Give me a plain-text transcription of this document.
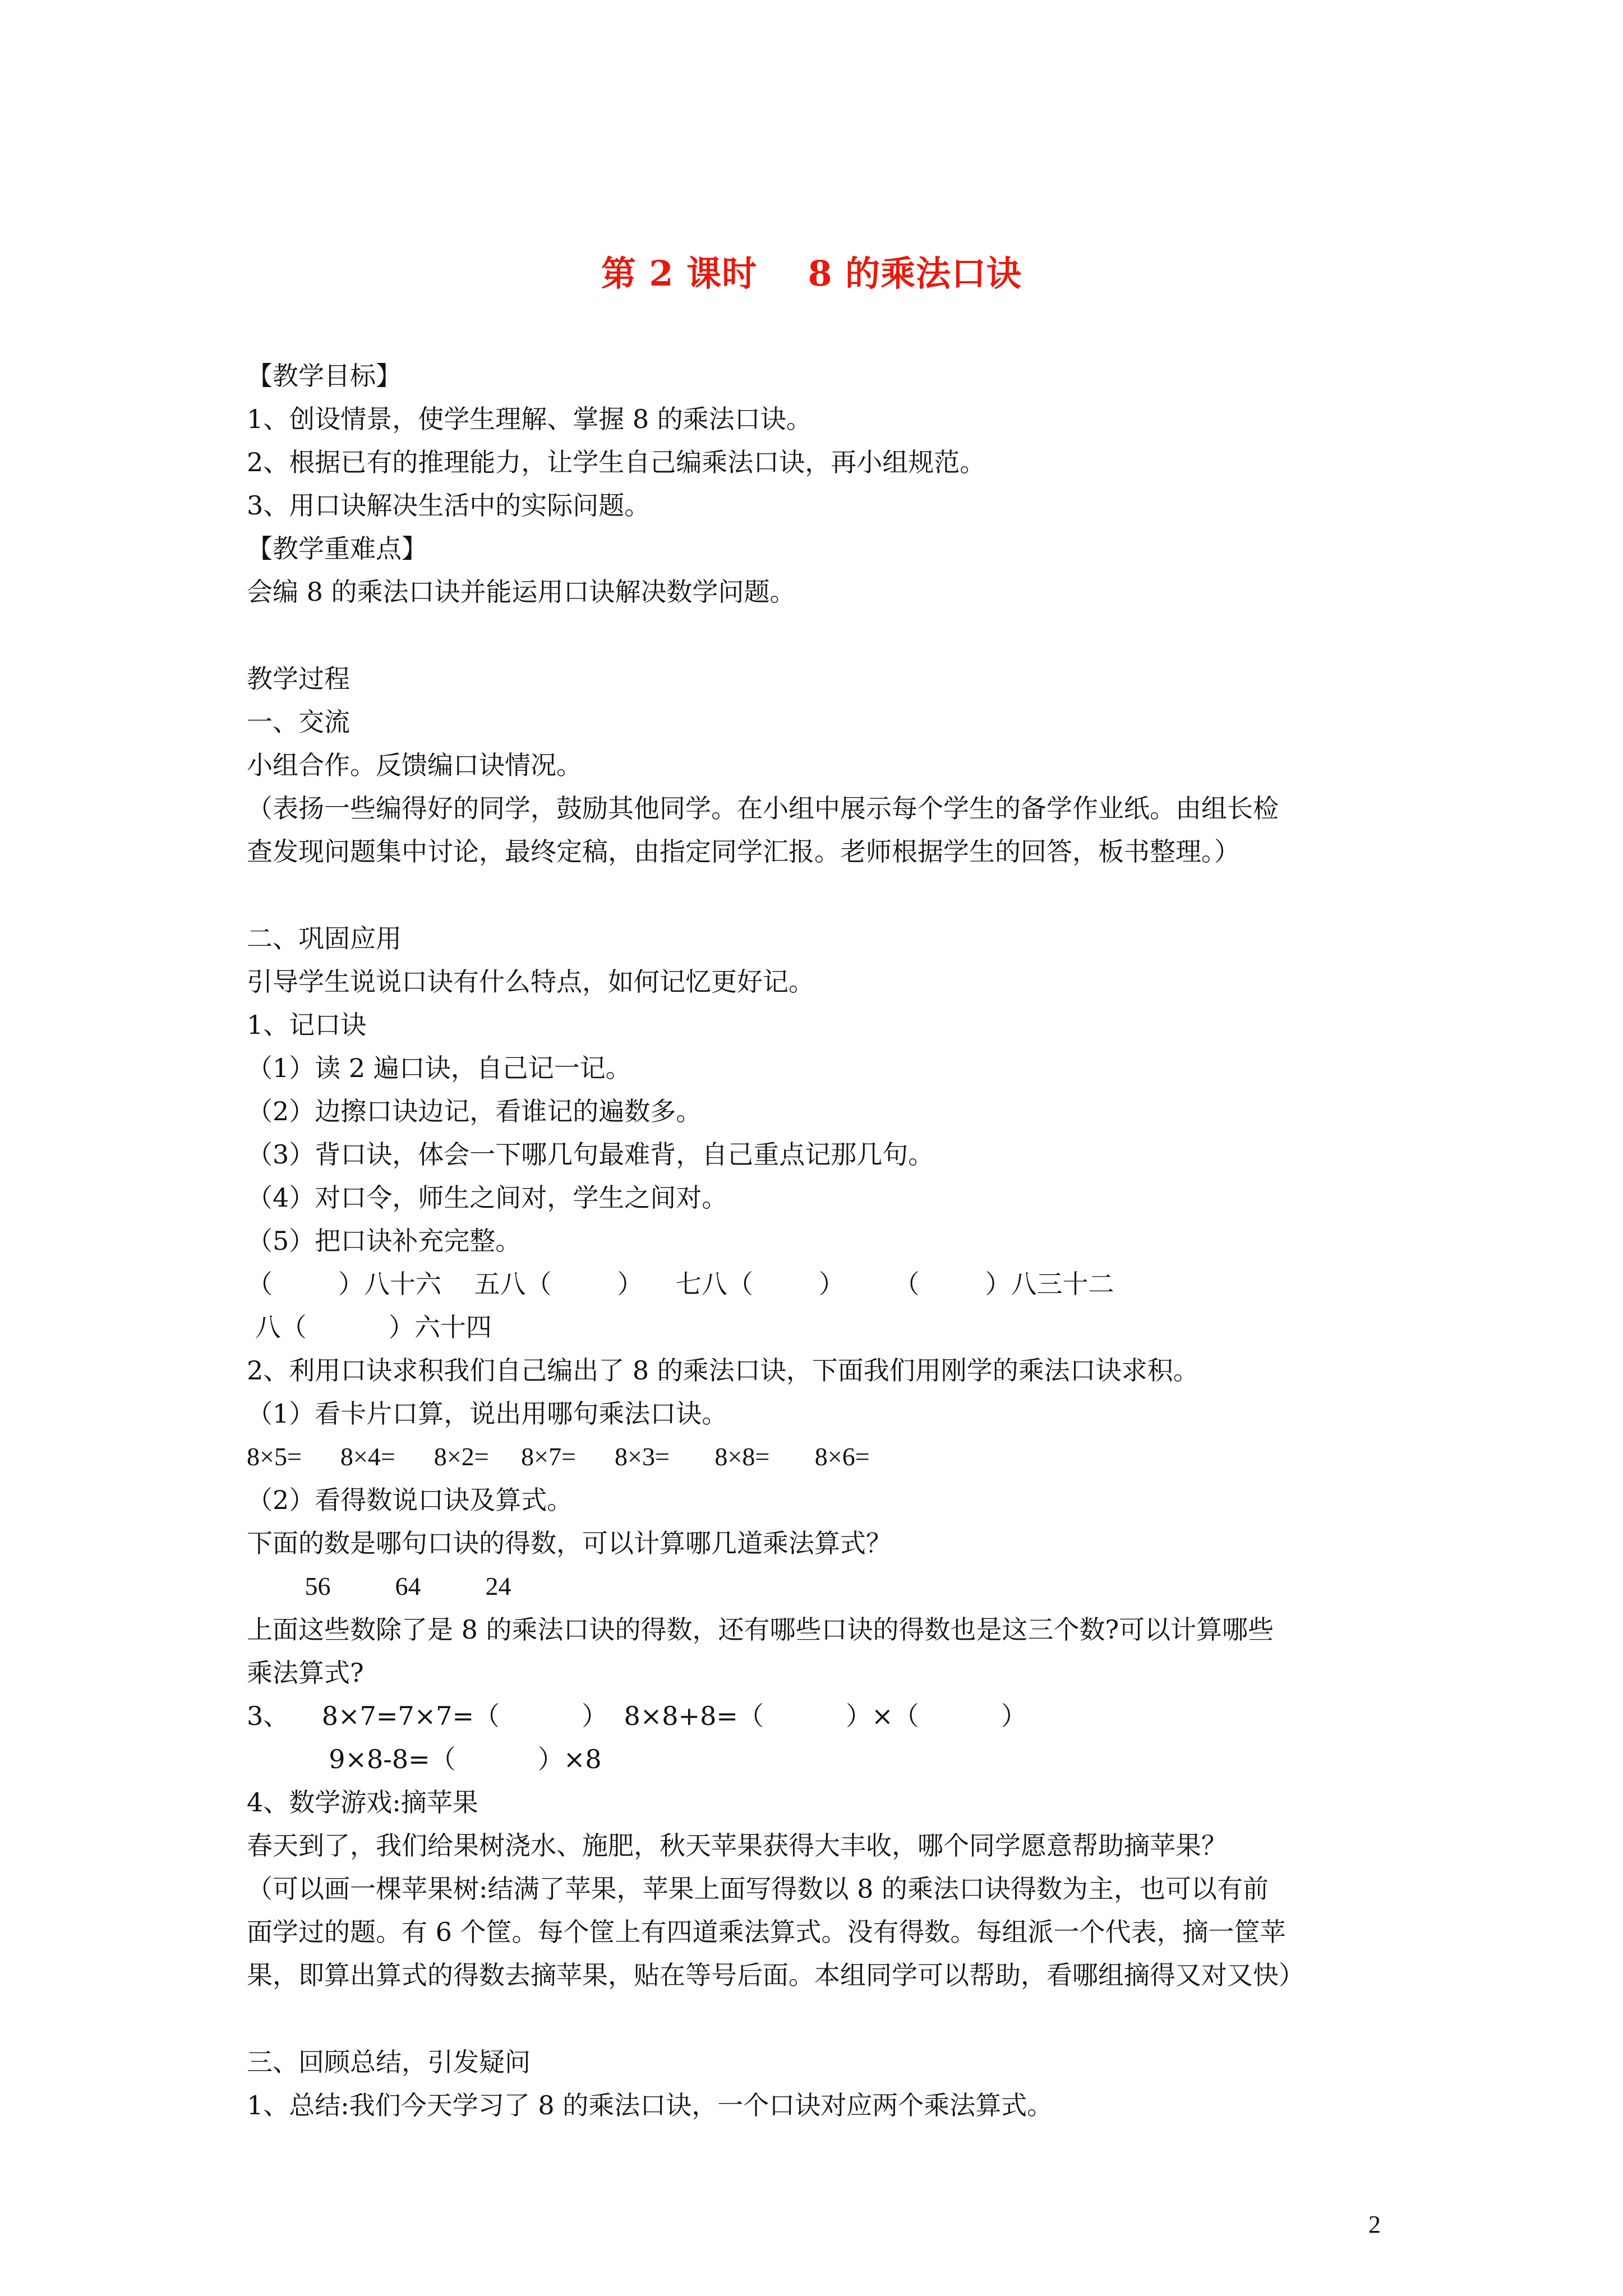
第 2 课时    8 的乘法口诀
【教学目标】
1、创设情景，使学生理解、掌握 8 的乘法口诀。
2、根据已有的推理能力，让学生自己编乘法口诀，再小组规范。
3、用口诀解决生活中的实际问题。
【教学重难点】
会编 8 的乘法口诀并能运用口诀解决数学问题。
教学过程
一、交流
小组合作。反馈编口诀情况。
（表扬一些编得好的同学，鼓励其他同学。在小组中展示每个学生的备学作业纸。由组长检
查发现问题集中讨论，最终定稿，由指定同学汇报。老师根据学生的回答，板书整理。）
二、巩固应用
引导学生说说口诀有什么特点，如何记忆更好记。
1、记口诀
（1）读 2 遍口诀，自己记一记。
（2）边擦口诀边记，看谁记的遍数多。
（3）背口诀，体会一下哪几句最难背，自己重点记那几句。
（4）对口令，师生之间对，学生之间对。
（5）把口诀补充完整。
（        ）八十六    五八（        ）    七八（        ）      （        ）八三十二
八（          ）六十四
2、利用口诀求积我们自己编出了 8 的乘法口诀，下面我们用刚学的乘法口诀求积。
（1）看卡片口算，说出用哪句乘法口诀。
8×5=      8×4=      8×2=     8×7=      8×3=       8×8=       8×6=
（2）看得数说口诀及算式。
下面的数是哪句口诀的得数，可以计算哪几道乘法算式？
56          64          24
上面这些数除了是 8 的乘法口诀的得数，还有哪些口诀的得数也是这三个数?可以计算哪些
乘法算式?
3、    8×7=7×7=（          ）  8×8+8=（          ）×（          ）
9×8-8=（          ）×8
4、数学游戏:摘苹果
春天到了，我们给果树浇水、施肥，秋天苹果获得大丰收，哪个同学愿意帮助摘苹果？
（可以画一棵苹果树:结满了苹果，苹果上面写得数以 8 的乘法口诀得数为主，也可以有前
面学过的题。有 6 个筐。每个筐上有四道乘法算式。没有得数。每组派一个代表，摘一筐苹
果，即算出算式的得数去摘苹果，贴在等号后面。本组同学可以帮助，看哪组摘得又对又快）
三、回顾总结，引发疑问
1、总结:我们今天学习了 8 的乘法口诀，一个口诀对应两个乘法算式。
2
